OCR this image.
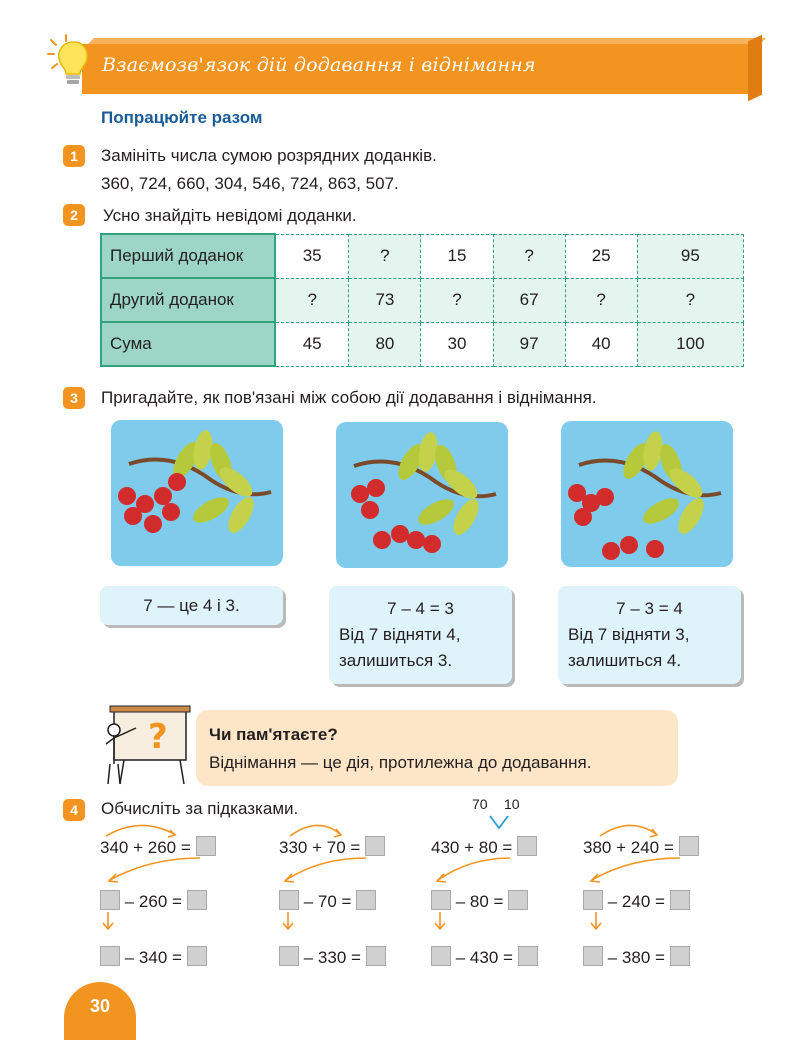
Взаємозв'язок дій додавання і віднімання
Попрацюйте разом
1	Замініть числа сумою розрядних доданків.
360, 724, 660, 304, 546, 724, 863, 507.
2	Усно знайдіть невідомі доданки.
Перший доданок	35	?	15	?	25	95
Другий доданок	?	73	?	67	?	?
Сума	45	80	30	97	40	100
3	Пригадайте, як пов'язані між собою дії додавання і віднімання.
7 — це 4 і 3.	7 – 4 = 3
Від 7 відняти 4,
залишиться 3.
7 – 3 = 4
Від 7 відняти 3,
залишиться 4.
? Чи пам'ятаєте?
Віднімання — це дія, протилежна до додавання.
4	Обчисліть за підказками.	70 10
340 + 260 =
– 260 =
– 340 =
330 + 70 =
– 70 =
– 330 =
430 + 80 =
– 80 =
– 430 =
380 + 240 =
– 240 =
– 380 =
30
